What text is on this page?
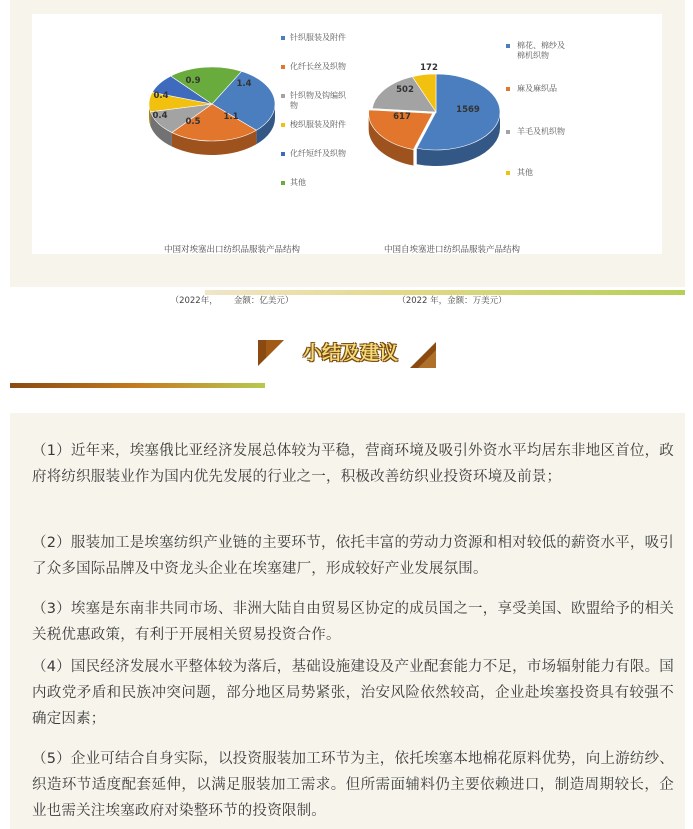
1.4
1.1
0.5
0.4
0.4
0.9
1569
617
502
172
针织服装及附件
化纤长丝及织物
针织物及钩编织
物
梭织服装及附件
化纤短纤及织物
其他
棉花、棉纱及
棉机织物
麻及麻织品
羊毛及机织物
其他

中国对埃塞出口纺织品服装产品结构

（2022年，      金额：亿美元）

中国自埃塞进口纺织品服装产品结构

（2022 年，金额：万美元）

小结及建议

（1）近年来，埃塞俄比亚经济发展总体较为平稳，营商环境及吸引外资水平均居东非地区首位，政府将纺织服装业作为国内优先发展的行业之一，积极改善纺织业投资环境及前景；

（2）服装加工是埃塞纺织产业链的主要环节，依托丰富的劳动力资源和相对较低的薪资水平，吸引了众多国际品牌及中资龙头企业在埃塞建厂，形成较好产业发展氛围。

（3）埃塞是东南非共同市场、非洲大陆自由贸易区协定的成员国之一，享受美国、欧盟给予的相关关税优惠政策，有利于开展相关贸易投资合作。

（4）国民经济发展水平整体较为落后，基础设施建设及产业配套能力不足，市场辐射能力有限。国内政党矛盾和民族冲突问题，部分地区局势紧张，治安风险依然较高，企业赴埃塞投资具有较强不确定因素；

（5）企业可结合自身实际，以投资服装加工环节为主，依托埃塞本地棉花原料优势，向上游纺纱、织造环节适度配套延伸，以满足服装加工需求。但所需面辅料仍主要依赖进口，制造周期较长，企业也需关注埃塞政府对染整环节的投资限制。
